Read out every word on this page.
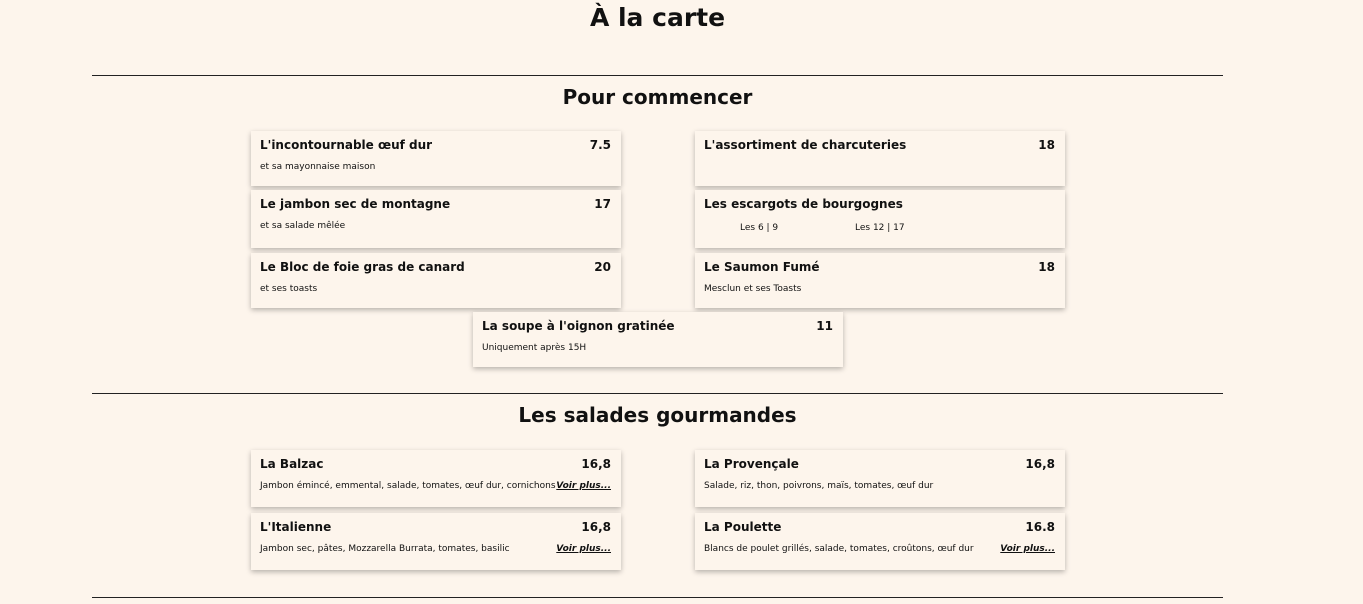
À la carte
Pour commencer
L'incontournable œuf dur	7.5
et sa mayonnaise maison
L'assortiment de charcuteries	18
Le jambon sec de montagne	17
et sa salade mêlée
Les escargots de bourgognes
Les 6 | 9	Les 12 | 17
Le Bloc de foie gras de canard	20
et ses toasts
Le Saumon Fumé	18
Mesclun et ses Toasts
La soupe à l'oignon gratinée	11
Uniquement après 15H
Les salades gourmandes
La Balzac	16,8
Jambon émincé, emmental, salade, tomates, œuf dur, cornichons Voir plus...
La Provençale	16,8
Salade, riz, thon, poivrons, maïs, tomates, œuf dur
L'Italienne	16,8
Jambon sec, pâtes, Mozzarella Burrata, tomates, basilic	Voir plus...
La Poulette	16.8
Blancs de poulet grillés, salade, tomates, croûtons, œuf dur	Voir plus...
